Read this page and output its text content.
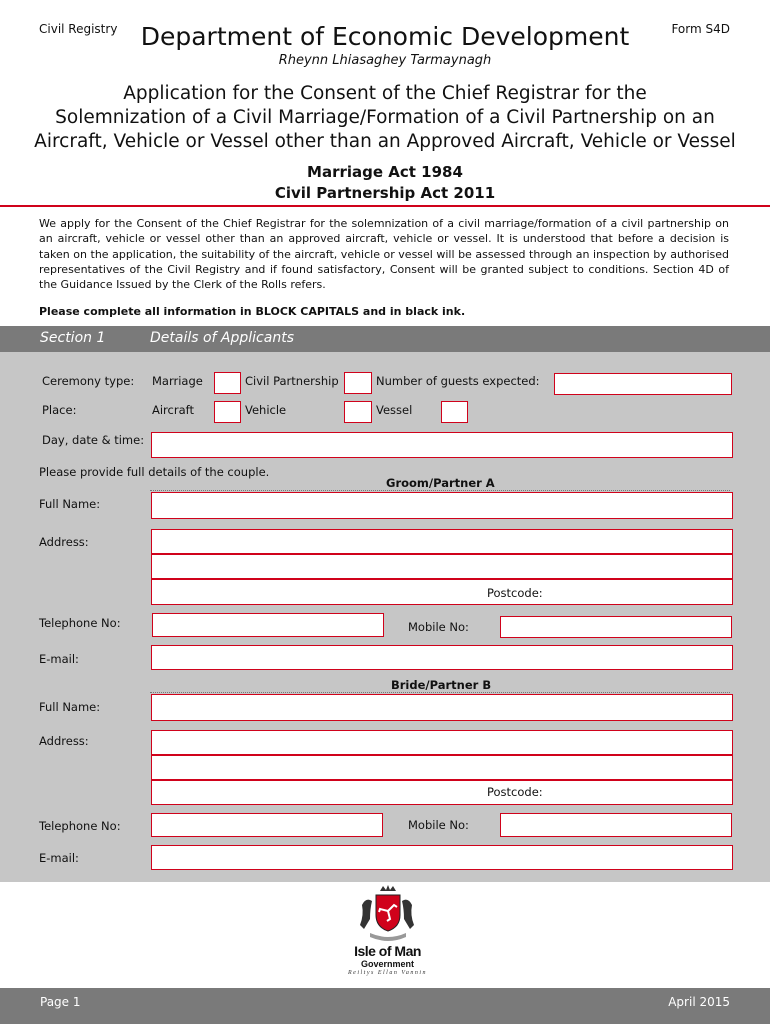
Civil Registry	Form S4D
Department of Economic Development
Rheynn Lhiasaghey Tarmaynagh
Application for the Consent of the Chief Registrar for the
Solemnization of a Civil Marriage/Formation of a Civil Partnership on an
Aircraft, Vehicle or Vessel other than an Approved Aircraft, Vehicle or Vessel
Marriage Act 1984
Civil Partnership Act 2011
We apply for the Consent of the Chief Registrar for the solemnization of a civil marriage/formation of a civil partnership on an aircraft, vehicle or vessel other than an approved aircraft, vehicle or vessel. It is understood that before a decision is taken on the application, the suitability of the aircraft, vehicle or vessel will be assessed through an inspection by authorised representatives of the Civil Registry and if found satisfactory, Consent will be granted subject to conditions. Section 4D of the Guidance Issued by the Clerk of the Rolls refers.
Please complete all information in BLOCK CAPITALS and in black ink.
Section 1	Details of Applicants
Ceremony type: Marriage	Civil Partnership	Number of guests expected:
Place:	Aircraft	Vehicle	Vessel
Day, date & time:
Please provide full details of the couple.
Groom/Partner A
Full Name:
Address:
Postcode:
Telephone No:	Mobile No:
E-mail:
Bride/Partner B
Full Name:
Address:
Postcode:
Telephone No:	Mobile No:
E-mail:
Isle of Man
Government
Reiltys Ellan Vannin
Page 1	April 2015
